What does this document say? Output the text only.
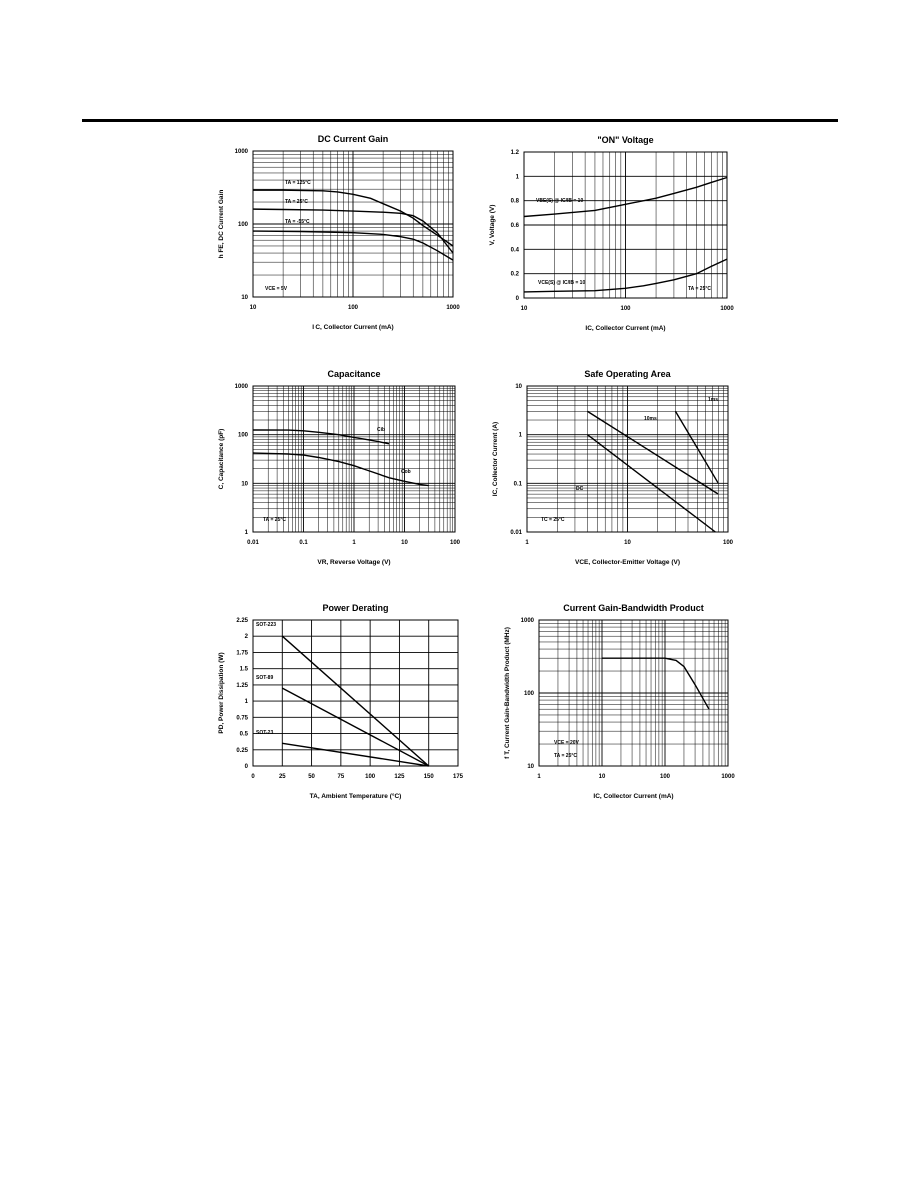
DC Current Gain
10	100	1000
10
100
1000
I C, Collector Current (mA)
h FE, DC Current Gain
TA = 125°C
TA = 25°C
TA = -55°C
VCE = 5V
"ON" Voltage
10	100	1000
0
0.2
0.4
0.6
0.8
1
1.2
IC, Collector Current (mA)
V, Voltage (V)
VBE(S) @ IC/IB = 10
VCE(S) @ IC/IB = 10
TA = 25°C
Capacitance
0.01	0.1	1	10	100
1
10
100
1000
VR, Reverse Voltage (V)
C, Capacitance (pF)	Cib
Cob
TA = 25°C
Safe Operating Area
1	10	100
0.01
0.1
1
10
VCE, Collector-Emitter Voltage (V)
IC, Collector Current (A)
1ms
10ms
DC
TC = 25°C
Power Derating
0	25	50	75	100	125	150	175
0
0.25
0.5
0.75
1
1.25
1.5
1.75
2
2.25
TA, Ambient Temperature (°C)
PD, Power Dissipation (W)
SOT-223
SOT-89
SOT-23
Current Gain-Bandwidth Product
1	10	100	1000
10
100
1000
IC, Collector Current (mA)
f T, Current Gain-Bandwidth Product (MHz)	VCE = 20V
TA = 25°C
